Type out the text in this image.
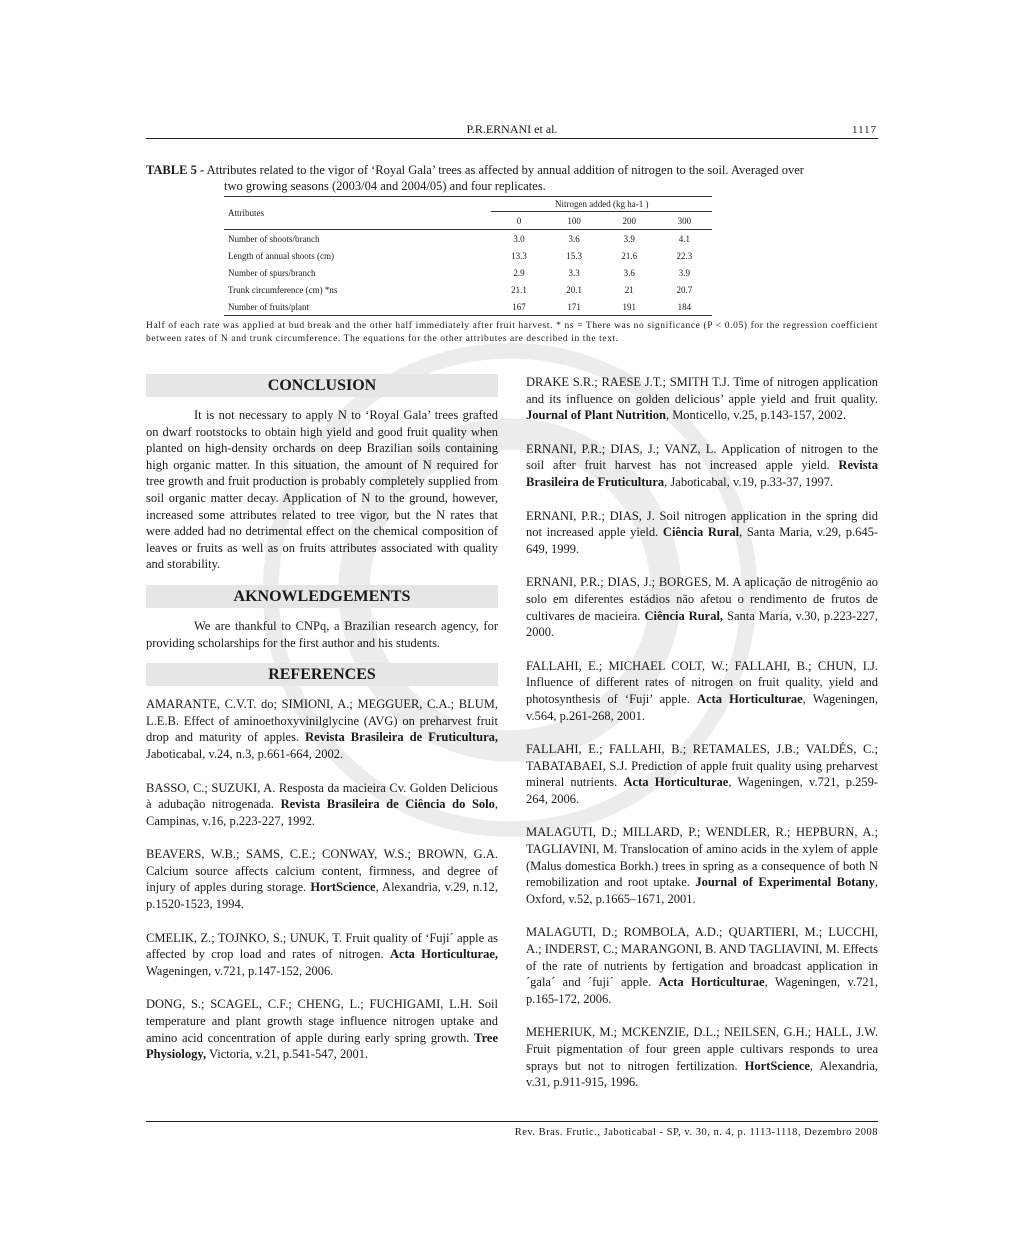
P.R.ERNANI et al.	1117
TABLE 5 - Attributes related to the vigor of ‘Royal Gala’ trees as affected by annual addition of nitrogen to the soil. Averaged over
two growing seasons (2003/04 and 2004/05) and four replicates.
Attributes	Nitrogen added (kg ha-1 )			
	0	100	200	300
Number of shoots/branch	3.0	3.6	3.9	4.1
Length of annual shoots (cm)	13.3	15.3	21.6	22.3
Number of spurs/branch	2.9	3.3	3.6	3.9
Trunk circumference (cm) *ns	21.1	20.1	21	20.7
Number of fruits/plant	167	171	191	184
Half of each rate was applied at bud break and the other half immediately after fruit harvest. * ns = There was no significance (P < 0.05) for the regression coefficient between rates of N and trunk circumference. The equations for the other attributes are described in the text.
CONCLUSION

It is not necessary to apply N to ‘Royal Gala’ trees grafted on dwarf rootstocks to obtain high yield and good fruit quality when planted on high-density orchards on deep Brazilian soils containing high organic matter. In this situation, the amount of N required for tree growth and fruit production is probably completely supplied from soil organic matter decay. Application of N to the ground, however, increased some attributes related to tree vigor, but the N rates that were added had no detrimental effect on the chemical composition of leaves or fruits as well as on fruits attributes associated with quality and storability.

AKNOWLEDGEMENTS

We are thankful to CNPq, a Brazilian research agency, for providing scholarships for the first author and his students.

REFERENCES

AMARANTE, C.V.T. do; SIMIONI, A.; MEGGUER, C.A.; BLUM, L.E.B. Effect of aminoethoxyvinilglycine (AVG) on preharvest fruit drop and maturity of apples. Revista Brasileira de Fruticultura, Jaboticabal, v.24, n.3, p.661-664, 2002.

BASSO, C.; SUZUKI, A. Resposta da macieira Cv. Golden Delicious à adubação nitrogenada. Revista Brasileira de Ciência do Solo, Campinas, v.16, p.223-227, 1992.

BEAVERS, W.B.; SAMS, C.E.; CONWAY, W.S.; BROWN, G.A. Calcium source affects calcium content, firmness, and degree of injury of apples during storage. HortScience, Alexandria, v.29, n.12, p.1520-1523, 1994.

CMELIK, Z.; TOJNKO, S.; UNUK, T. Fruit quality of ‘Fuji´ apple as affected by crop load and rates of nitrogen. Acta Horticulturae, Wageningen, v.721, p.147-152, 2006.

DONG, S.; SCAGEL, C.F.; CHENG, L.; FUCHIGAMI, L.H. Soil temperature and plant growth stage influence nitrogen uptake and amino acid concentration of apple during early spring growth. Tree Physiology, Victoria, v.21, p.541-547, 2001.

DRAKE S.R.; RAESE J.T.; SMITH T.J. Time of nitrogen application and its influence on golden delicious’ apple yield and fruit quality. Journal of Plant Nutrition, Monticello, v.25, p.143-157, 2002.

ERNANI, P.R.; DIAS, J.; VANZ, L. Application of nitrogen to the soil after fruit harvest has not increased apple yield. Revista Brasileira de Fruticultura, Jaboticabal, v.19, p.33-37, 1997.

ERNANI, P.R.; DIAS, J. Soil nitrogen application in the spring did not increased apple yield. Ciência Rural, Santa Maria, v.29, p.645-649, 1999.

ERNANI, P.R.; DIAS, J.; BORGES, M. A aplicação de nitrogênio ao solo em diferentes estádios não afetou o rendimento de frutos de cultivares de macieira. Ciência Rural, Santa Maria, v.30, p.223-227, 2000.

FALLAHI, E.; MICHAEL COLT, W.; FALLAHI, B.; CHUN, I.J. Influence of different rates of nitrogen on fruit quality, yield and photosynthesis of ‘Fuji’ apple. Acta Horticulturae, Wageningen, v.564, p.261-268, 2001.

FALLAHI, E.; FALLAHI, B.; RETAMALES, J.B.; VALDÉS, C.; TABATABAEI, S.J. Prediction of apple fruit quality using preharvest mineral nutrients. Acta Horticulturae, Wageningen, v.721, p.259-264, 2006.

MALAGUTI, D.; MILLARD, P.; WENDLER, R.; HEPBURN, A.; TAGLIAVINI, M. Translocation of amino acids in the xylem of apple (Malus domestica Borkh.) trees in spring as a consequence of both N remobilization and root uptake. Journal of Experimental Botany, Oxford, v.52, p.1665–1671, 2001.

MALAGUTI, D.; ROMBOLA, A.D.; QUARTIERI, M.; LUCCHI, A.; INDERST, C.; MARANGONI, B. AND TAGLIAVINI, M. Effects of the rate of nutrients by fertigation and broadcast application in ´gala´ and ´fuji´ apple. Acta Horticulturae, Wageningen, v.721, p.165-172, 2006.

MEHERIUK, M.; MCKENZIE, D.L.; NEILSEN, G.H.; HALL, J.W. Fruit pigmentation of four green apple cultivars responds to urea sprays but not to nitrogen fertilization. HortScience, Alexandria, v.31, p.911-915, 1996.

Rev. Bras. Frutic., Jaboticabal - SP, v. 30, n. 4, p. 1113-1118, Dezembro 2008
